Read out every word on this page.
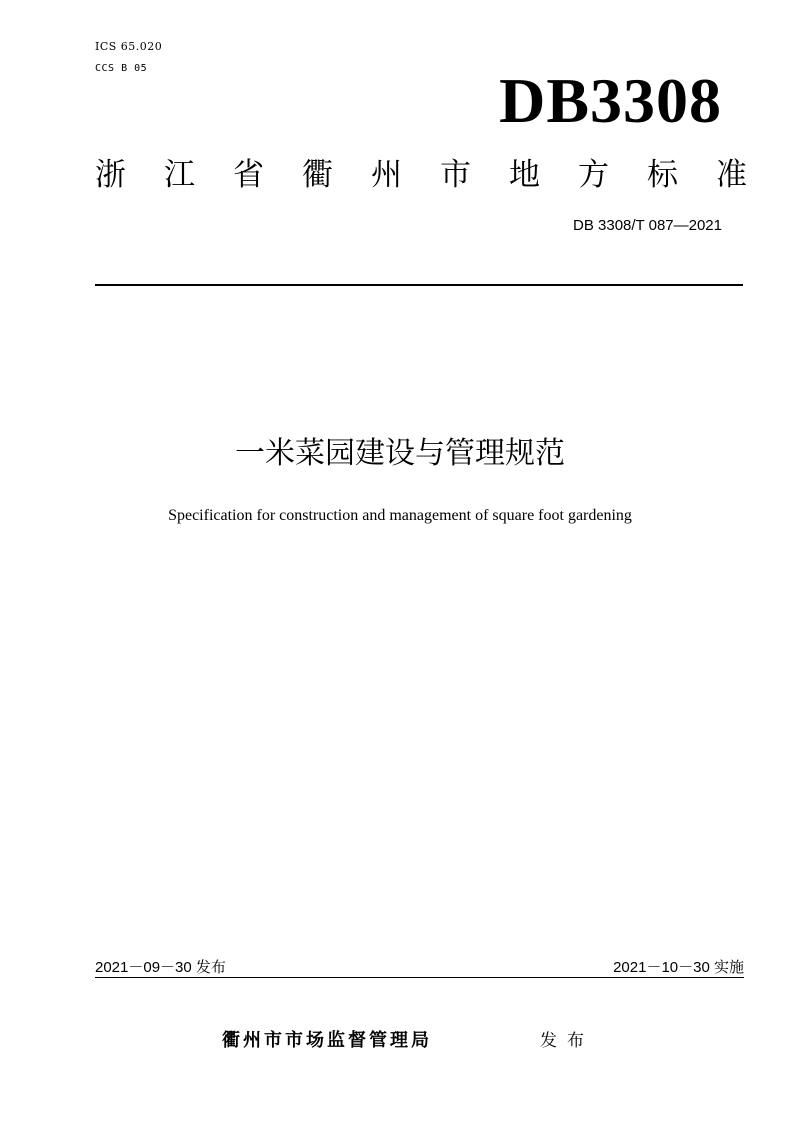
ICS 65.020
CCS B 05	DB3308
浙 江 省 衢 州 市 地 方 标 准
DB 3308/T 087—2021
一米菜园建设与管理规范
Specification for construction and management of square foot gardening
2021－09－30 发布	2021－10－30 实施
衢州市市场监督管理局	发布
